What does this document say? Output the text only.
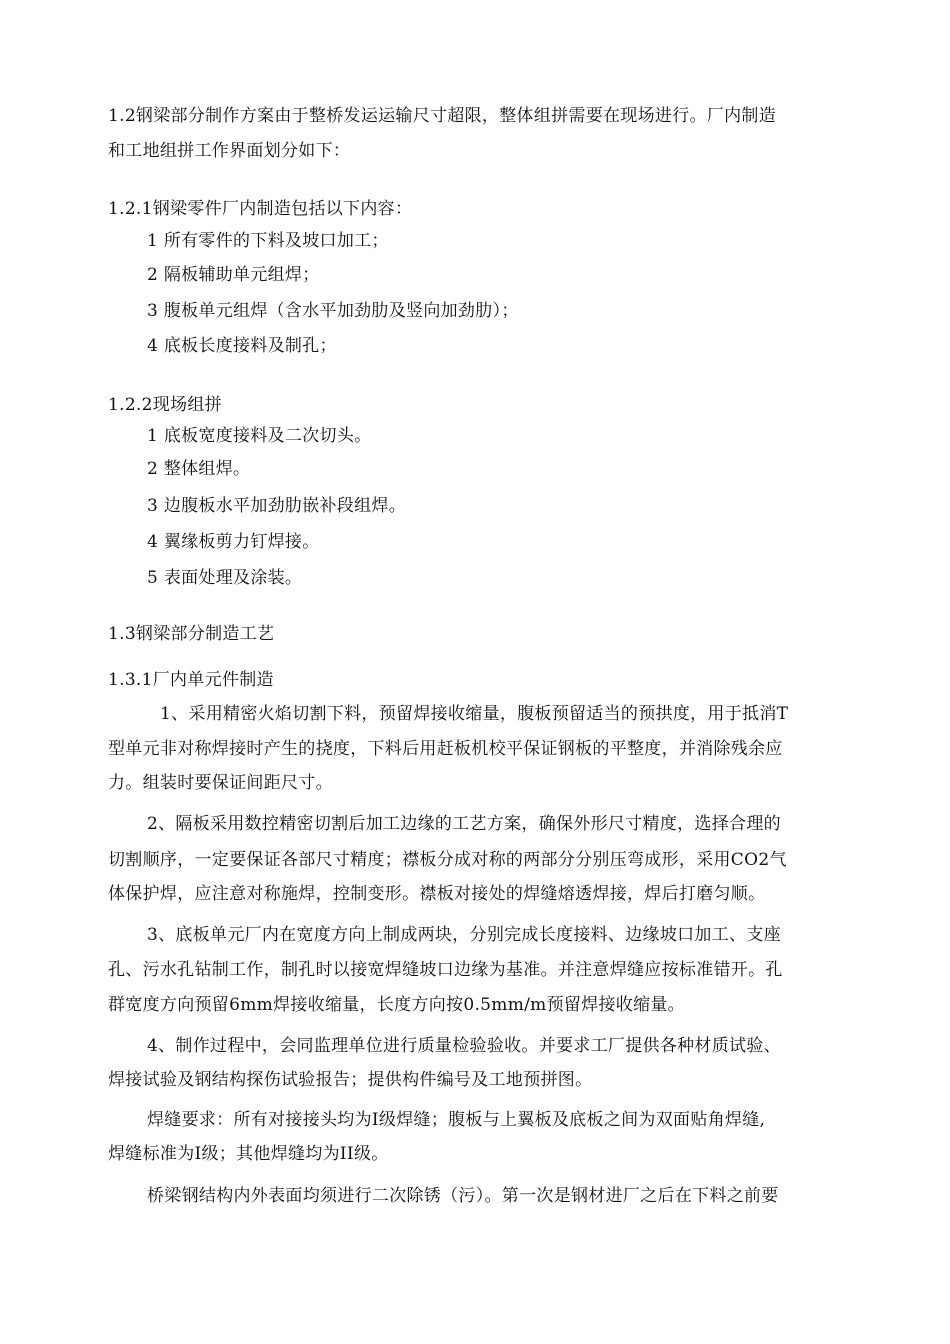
1.2钢梁部分制作方案由于整桥发运运输尺寸超限，整体组拼需要在现场进行。厂内制造
和工地组拼工作界面划分如下：
1.2.1钢梁零件厂内制造包括以下内容：
1 所有零件的下料及坡口加工；
2 隔板辅助单元组焊；
3 腹板单元组焊（含水平加劲肋及竖向加劲肋）；
4 底板长度接料及制孔；
1.2.2现场组拼
1 底板宽度接料及二次切头。
2 整体组焊。
3 边腹板水平加劲肋嵌补段组焊。
4 翼缘板剪力钉焊接。
5 表面处理及涂装。
1.3钢梁部分制造工艺
1.3.1厂内单元件制造
1、采用精密火焰切割下料，预留焊接收缩量，腹板预留适当的预拱度，用于抵消T
型单元非对称焊接时产生的挠度，下料后用赶板机校平保证钢板的平整度，并消除残余应
力。组装时要保证间距尺寸。
2、隔板采用数控精密切割后加工边缘的工艺方案，确保外形尺寸精度，选择合理的
切割顺序，一定要保证各部尺寸精度；襟板分成对称的两部分分别压弯成形，采用CO2气
体保护焊，应注意对称施焊，控制变形。襟板对接处的焊缝熔透焊接，焊后打磨匀顺。
3、底板单元厂内在宽度方向上制成两块，分别完成长度接料、边缘坡口加工、支座
孔、污水孔钻制工作，制孔时以接宽焊缝坡口边缘为基准。并注意焊缝应按标准错开。孔
群宽度方向预留6mm焊接收缩量，长度方向按0.5mm/m预留焊接收缩量。
4、制作过程中，会同监理单位进行质量检验验收。并要求工厂提供各种材质试验、
焊接试验及钢结构探伤试验报告；提供构件编号及工地预拼图。
焊缝要求：所有对接接头均为I级焊缝；腹板与上翼板及底板之间为双面贴角焊缝,
焊缝标准为I级；其他焊缝均为II级。
桥梁钢结构内外表面均须进行二次除锈（污）。第一次是钢材进厂之后在下料之前要
